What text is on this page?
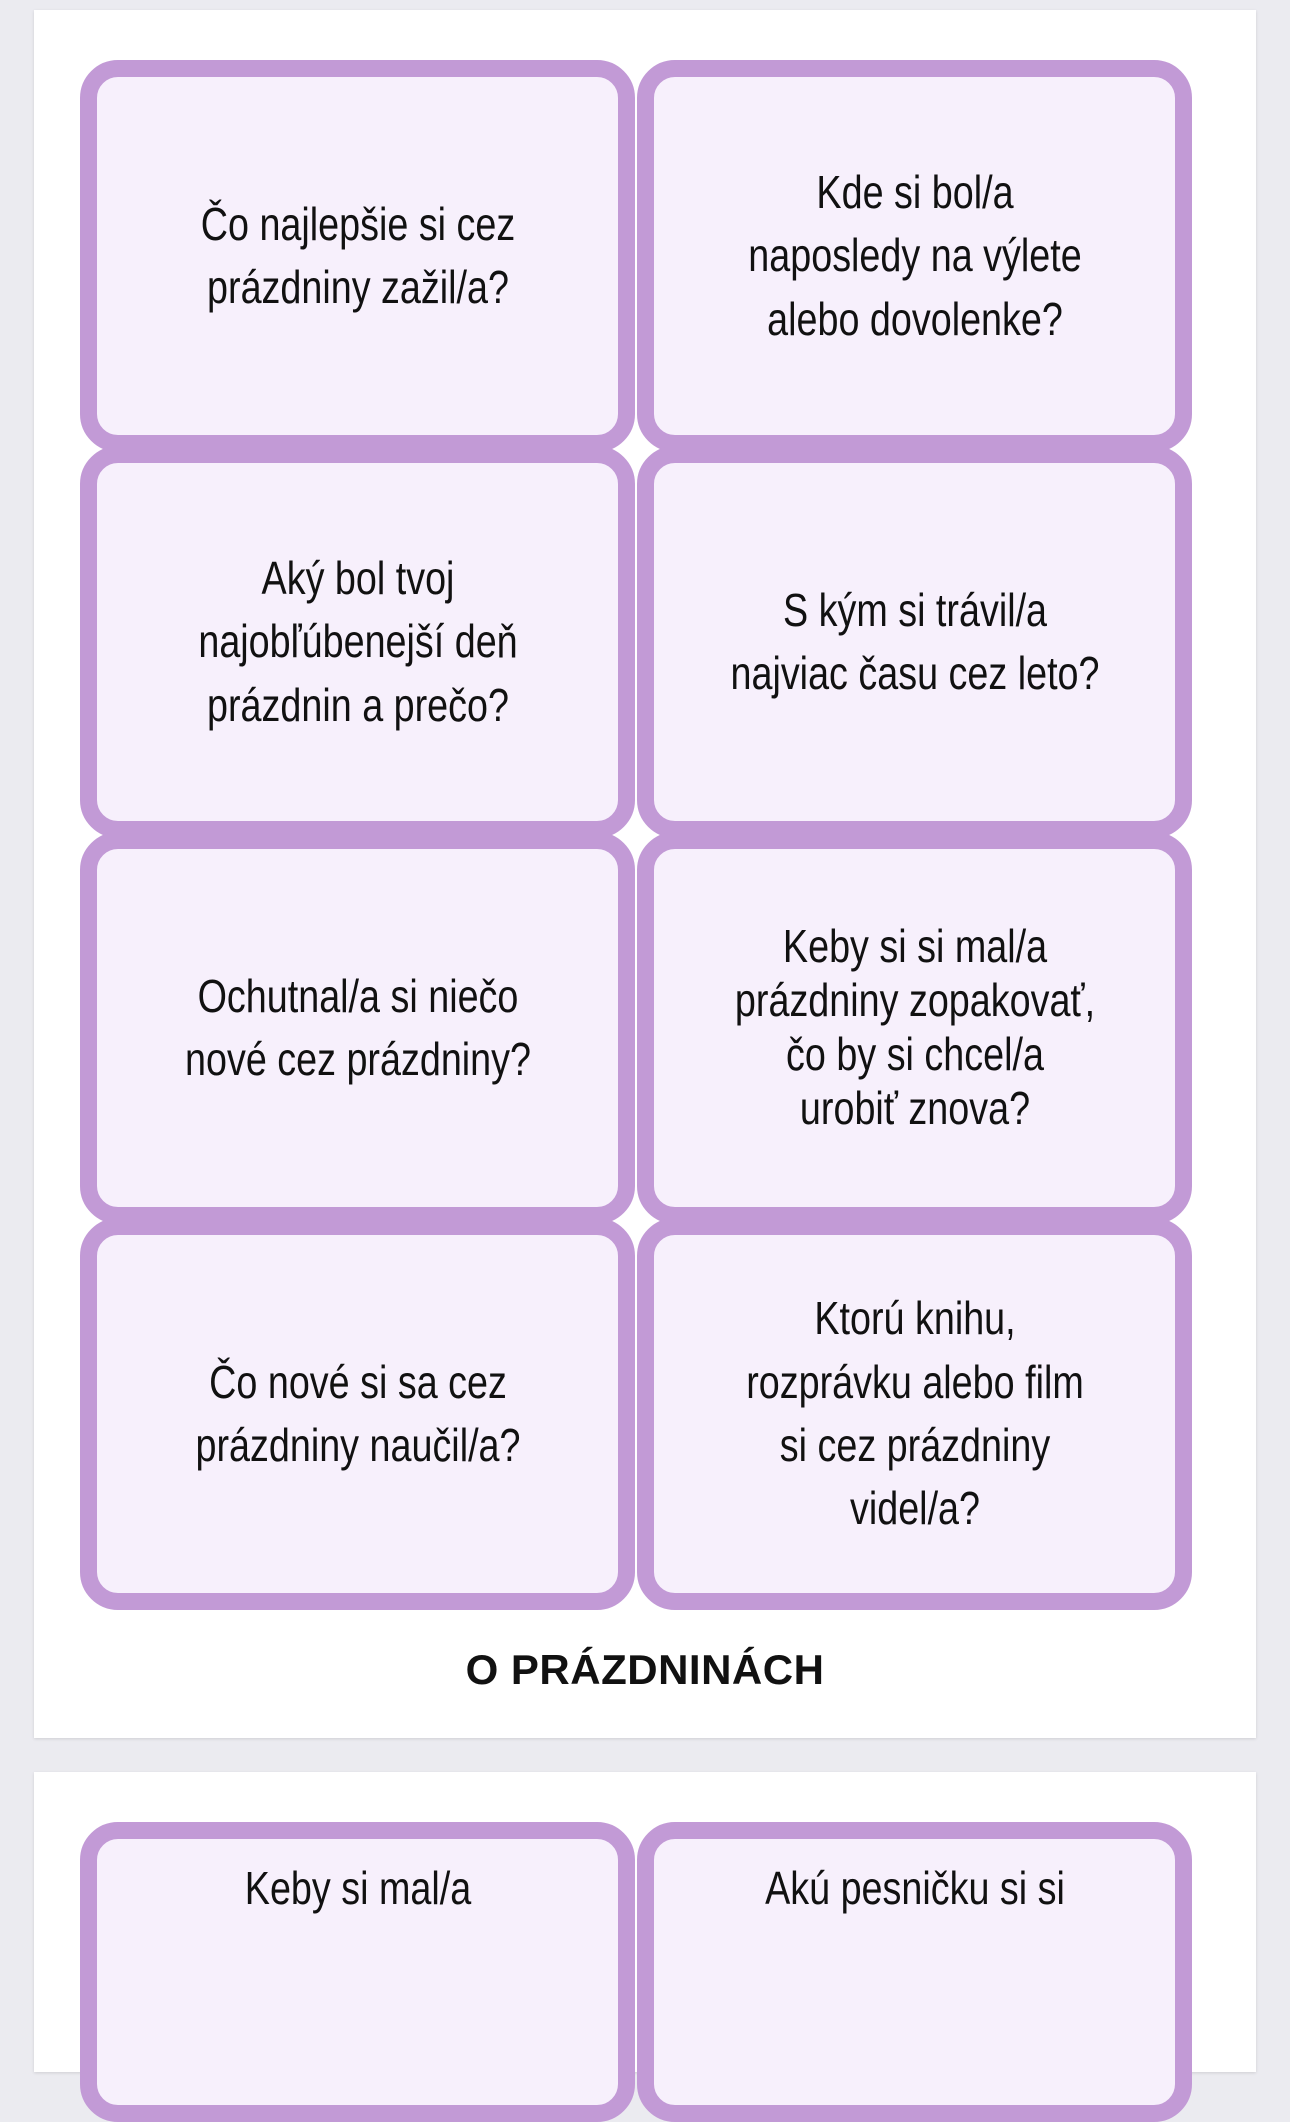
Čo najlepšie si cez
prázdniny zažil/a?
Kde si bol/a
naposledy na výlete
alebo dovolenke?
Aký bol tvoj
najobľúbenejší deň
prázdnin a prečo?
S kým si trávil/a
najviac času cez leto?
Ochutnal/a si niečo
nové cez prázdniny?
Keby si si mal/a
prázdniny zopakovať,
čo by si chcel/a
urobiť znova?
Čo nové si sa cez
prázdniny naučil/a?
Ktorú knihu,
rozprávku alebo film
si cez prázdniny
videl/a?
O PRÁZDNINÁCH
Keby si mal/a	Akú pesničku si si
